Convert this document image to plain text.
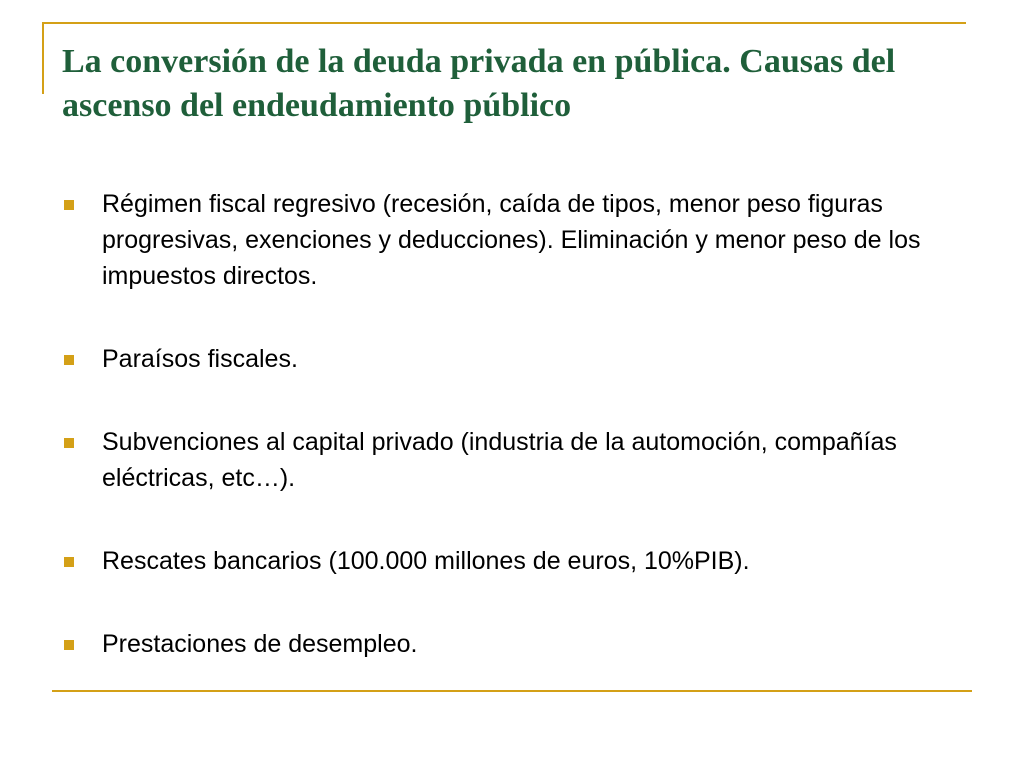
La conversión de la deuda privada en pública. Causas del ascenso del endeudamiento público
Régimen fiscal regresivo (recesión, caída de tipos, menor peso figuras progresivas, exenciones y deducciones). Eliminación y menor peso de los impuestos directos.
Paraísos fiscales.
Subvenciones al capital privado (industria de la automoción, compañías eléctricas, etc…).
Rescates bancarios (100.000 millones de euros, 10%PIB).
Prestaciones de desempleo.
